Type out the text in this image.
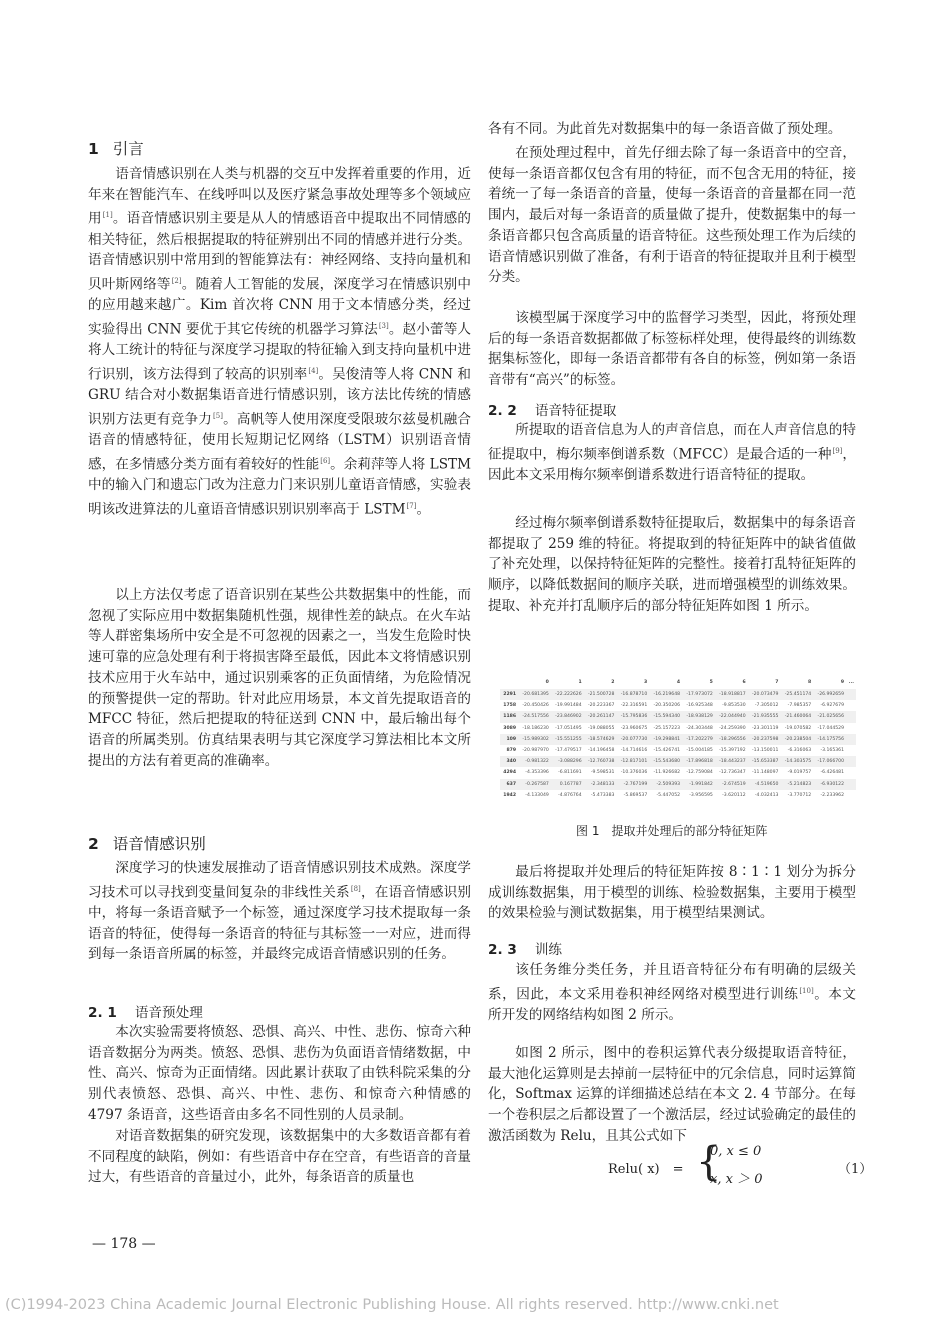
1 引言

语音情感识别在人类与机器的交互中发挥着重要的作用，近年来在智能汽车、在线呼叫以及医疗紧急事故处理等多个领域应用[1]。语音情感识别主要是从人的情感语音中提取出不同情感的相关特征，然后根据提取的特征辨别出不同的情感并进行分类。语音情感识别中常用到的智能算法有：神经网络、支持向量机和贝叶斯网络等[2]。随着人工智能的发展，深度学习在情感识别中的应用越来越广。Kim 首次将 CNN 用于文本情感分类，经过实验得出 CNN 要优于其它传统的机器学习算法[3]。赵小蕾等人将人工统计的特征与深度学习提取的特征输入到支持向量机中进行识别，该方法得到了较高的识别率[4]。吴俊清等人将 CNN 和 GRU 结合对小数据集语音进行情感识别，该方法比传统的情感识别方法更有竞争力[5]。高帆等人使用深度受限玻尔兹曼机融合语音的情感特征，使用长短期记忆网络（LSTM）识别语音情感，在多情感分类方面有着较好的性能[6]。余莉萍等人将 LSTM 中的输入门和遗忘门改为注意力门来识别儿童语音情感，实验表明该改进算法的儿童语音情感识别识别率高于 LSTM[7]。

以上方法仅考虑了语音识别在某些公共数据集中的性能，而忽视了实际应用中数据集随机性强，规律性差的缺点。在火车站等人群密集场所中安全是不可忽视的因素之一，当发生危险时快速可靠的应急处理有利于将损害降至最低，因此本文将情感识别技术应用于火车站中，通过识别乘客的正负面情绪，为危险情况的预警提供一定的帮助。针对此应用场景，本文首先提取语音的 MFCC 特征，然后把提取的特征送到 CNN 中，最后输出每个语音的所属类别。仿真结果表明与其它深度学习算法相比本文所提出的方法有着更高的准确率。

2 语音情感识别

深度学习的快速发展推动了语音情感识别技术成熟。深度学习技术可以寻找到变量间复杂的非线性关系[8]，在语音情感识别中，将每一条语音赋予一个标签，通过深度学习技术提取每一条语音的特征，使得每一条语音的特征与其标签一一对应，进而得到每一条语音所属的标签，并最终完成语音情感识别的任务。

2. 1 语音预处理

本次实验需要将愤怒、恐惧、高兴、中性、悲伤、惊奇六种语音数据分为两类。愤怒、恐惧、悲伤为负面语音情绪数据，中性、高兴、惊奇为正面情绪。因此累计获取了由铁科院采集的分别代表愤怒、恐惧、高兴、中性、悲伤、和惊奇六种情感的 4797 条语音，这些语音由多名不同性别的人员录制。

对语音数据集的研究发现，该数据集中的大多数语音都有着不同程度的缺陷，例如：有些语音中存在空音，有些语音的音量过大，有些语音的音量过小，此外，每条语音的质量也

各有不同。为此首先对数据集中的每一条语音做了预处理。

在预处理过程中，首先仔细去除了每一条语音中的空音，使每一条语音都仅包含有用的特征，而不包含无用的特征，接着统一了每一条语音的音量，使每一条语音的音量都在同一范围内，最后对每一条语音的质量做了提升，使数据集中的每一条语音都只包含高质量的语音特征。这些预处理工作为后续的语音情感识别做了准备，有利于语音的特征提取并且利于模型分类。

该模型属于深度学习中的监督学习类型，因此，将预处理后的每一条语音数据都做了标签标样处理，使得最终的训练数据集标签化，即每一条语音都带有各自的标签，例如第一条语音带有“高兴”的标签。

2. 2 语音特征提取

所提取的语音信息为人的声音信息，而在人声音信息的特征提取中，梅尔频率倒谱系数（MFCC）是最合适的一种[9]，因此本文采用梅尔频率倒谱系数进行语音特征的提取。

经过梅尔频率倒谱系数特征提取后，数据集中的每条语音都提取了 259 维的特征。将提取到的特征矩阵中的缺省值做了补充处理，以保持特征矩阵的完整性。接着打乱特征矩阵的顺序，以降低数据间的顺序关联，进而增强模型的训练效果。提取、补充并打乱顺序后的部分特征矩阵如图 1 所示。

最后将提取并处理后的特征矩阵按 8∶1∶1 划分为拆分成训练数据集，用于模型的训练、检验数据集，主要用于模型的效果检验与测试数据集，用于模型结果测试。

2. 3 训练

该任务维分类任务，并且语音特征分布有明确的层级关系，因此，本文采用卷积神经网络对模型进行训练[10]。本文所开发的网络结构如图 2 所示。

如图 2 所示，图中的卷积运算代表分级提取语音特征，最大池化运算则是去掉前一层特征中的冗余信息，同时运算简化，Softmax 运算的详细描述总结在本文 2. 4 节部分。在每一个卷积层之后都设置了一个激活层，经过试验确定的最佳的激活函数为 Relu，且其公式如下

	0	1	2	3	4	5	6	7	8	9	...
2291	-20.681395	-22.222626	-21.500728	-16.878710	-16.219648	-17.973072	-18.918817	-20.073479	-25.451174	-26.992659	
1758	-20.450426	-19.991484	-20.223367	-22.316591	-20.350206	-16.925348	-9.853530	-7.305012	-7.985357	-6.927679	
1186	-24.517556	-23.846902	-20.261147	-15.795836	-15.594340	-18.938129	-22.044940	-21.935555	-21.460064	-21.025656	
3089	-18.186230	-17.051495	-19.088055	-23.960675	-25.157223	-24.303448	-24.259390	-23.301119	-19.070582	-17.044529	
109	-15.989302	-15.551255	-18.574629	-20.077730	-19.298841	-17.202279	-18.296556	-20.237598	-20.238504	-14.175756	
879	-20.987970	-17.479517	-14.196458	-14.714616	-15.426741	-15.004185	-15.397192	-13.150011	-6.316063	-3.165361	
340	-0.981322	-3.088296	-12.760738	-12.817101	-15.543680	-17.896818	-18.443237	-15.653387	-14.303575	-17.066700	
4294	-4.353396	-6.811691	-9.598531	-10.376036	-11.926682	-12.759084	-12.736347	-11.148097	-9.019757	-6.426481	
637	-0.267587	0.167787	-2.348133	-2.767199	-2.509393	-1.991842	-2.674519	-4.519650	-5.214823	-6.930122	
1942	-4.133049	-4.876764	-5.473383	-5.869537	-5.447052	-3.956595	-3.620112	-4.032413	-3.770712	-2.233962	
图 1 提取并处理后的部分特征矩阵
Relu( x)　= {
0, x ≤ 0
x, x ＞ 0
（1）
— 178 —
(C)1994-2023 China Academic Journal Electronic Publishing House. All rights reserved. http://www.cnki.net
